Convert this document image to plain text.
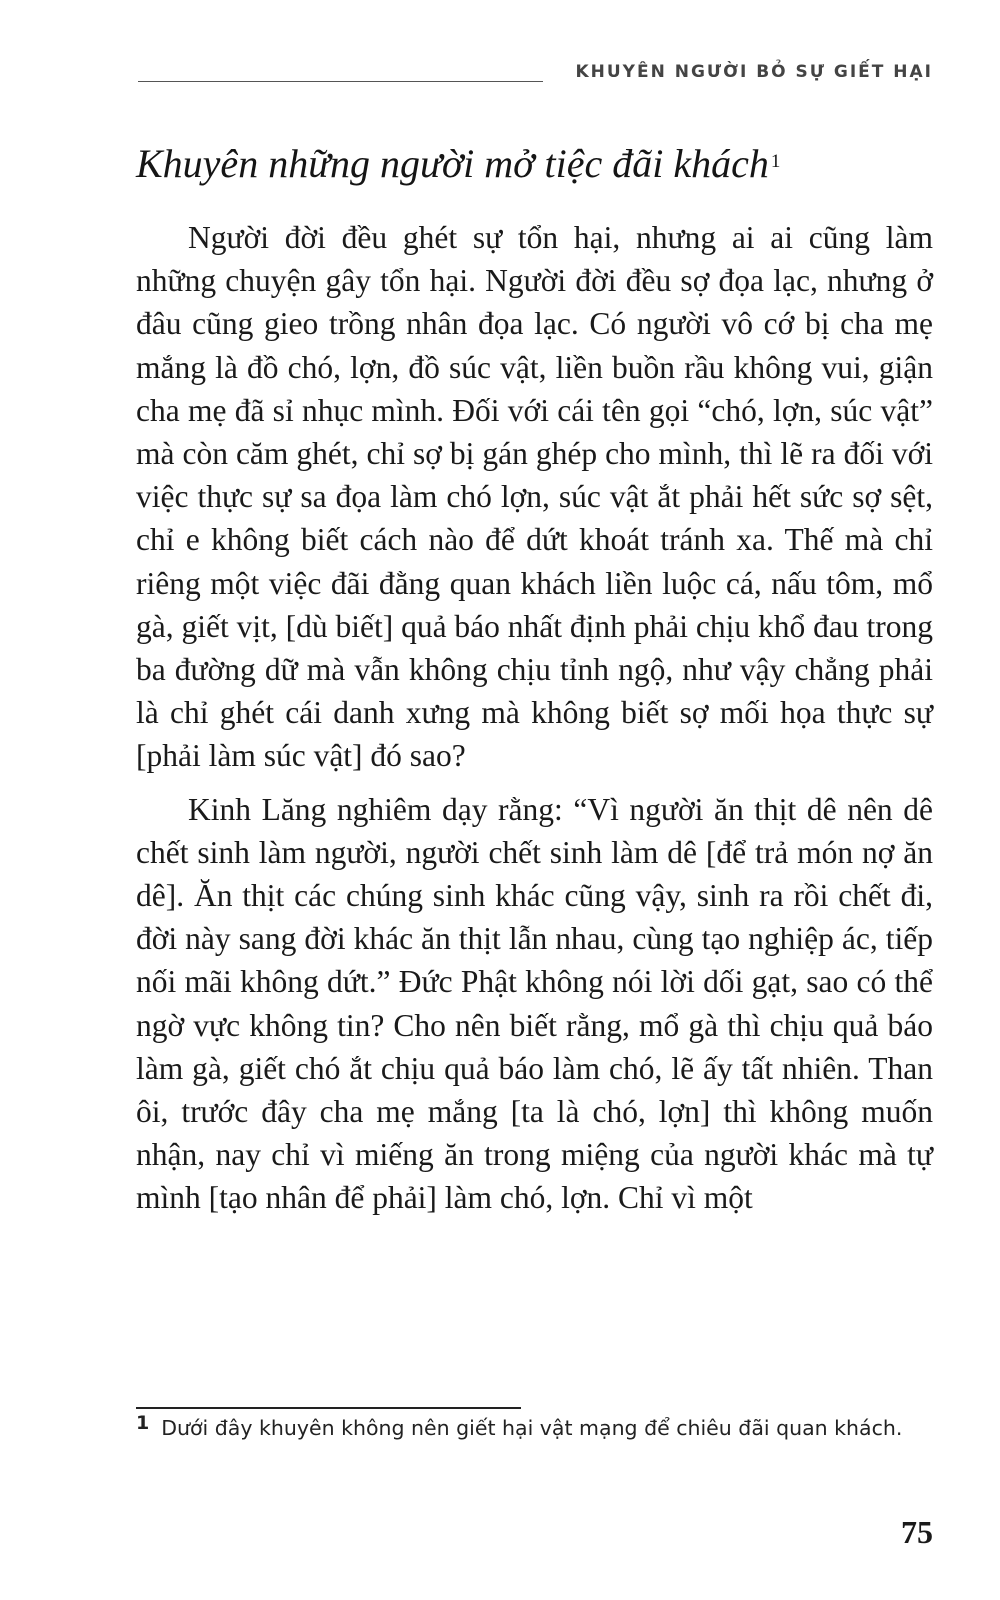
KHUYÊN NGƯỜI BỎ SỰ GIẾT HẠI
Khuyên những người mở tiệc đãi khách $^1$

Người đời đều ghét sự tổn hại, nhưng ai ai cũng làm những chuyện gây tổn hại. Người đời đều sợ đọa lạc, nhưng ở đâu cũng gieo trồng nhân đọa lạc. Có người vô cớ bị cha mẹ mắng là đồ chó, lợn, đồ súc vật, liền buồn rầu không vui, giận cha mẹ đã sỉ nhục mình. Đối với cái tên gọi “chó, lợn, súc vật” mà còn căm ghét, chỉ sợ bị gán ghép cho mình, thì lẽ ra đối với việc thực sự sa đọa làm chó lợn, súc vật ắt phải hết sức sợ sệt, chỉ e không biết cách nào để dứt khoát tránh xa. Thế mà chỉ riêng một việc đãi đằng quan khách liền luộc cá, nấu tôm, mổ gà, giết vịt, [dù biết] quả báo nhất định phải chịu khổ đau trong ba đường dữ mà vẫn không chịu tỉnh ngộ, như vậy chẳng phải là chỉ ghét cái danh xưng mà không biết sợ mối họa thực sự [phải làm súc vật] đó sao?

Kinh Lăng nghiêm dạy rằng: “Vì người ăn thịt dê nên dê chết sinh làm người, người chết sinh làm dê [để trả món nợ ăn dê]. Ăn thịt các chúng sinh khác cũng vậy, sinh ra rồi chết đi, đời này sang đời khác ăn thịt lẫn nhau, cùng tạo nghiệp ác, tiếp nối mãi không dứt.” Đức Phật không nói lời dối gạt, sao có thể ngờ vực không tin? Cho nên biết rằng, mổ gà thì chịu quả báo làm gà, giết chó ắt chịu quả báo làm chó, lẽ ấy tất nhiên. Than ôi, trước đây cha mẹ mắng [ta là chó, lợn] thì không muốn nhận, nay chỉ vì miếng ăn trong miệng của người khác mà tự mình [tạo nhân để phải] làm chó, lợn. Chỉ vì một

1 Dưới đây khuyên không nên giết hại vật mạng để chiêu đãi quan khách.
75
